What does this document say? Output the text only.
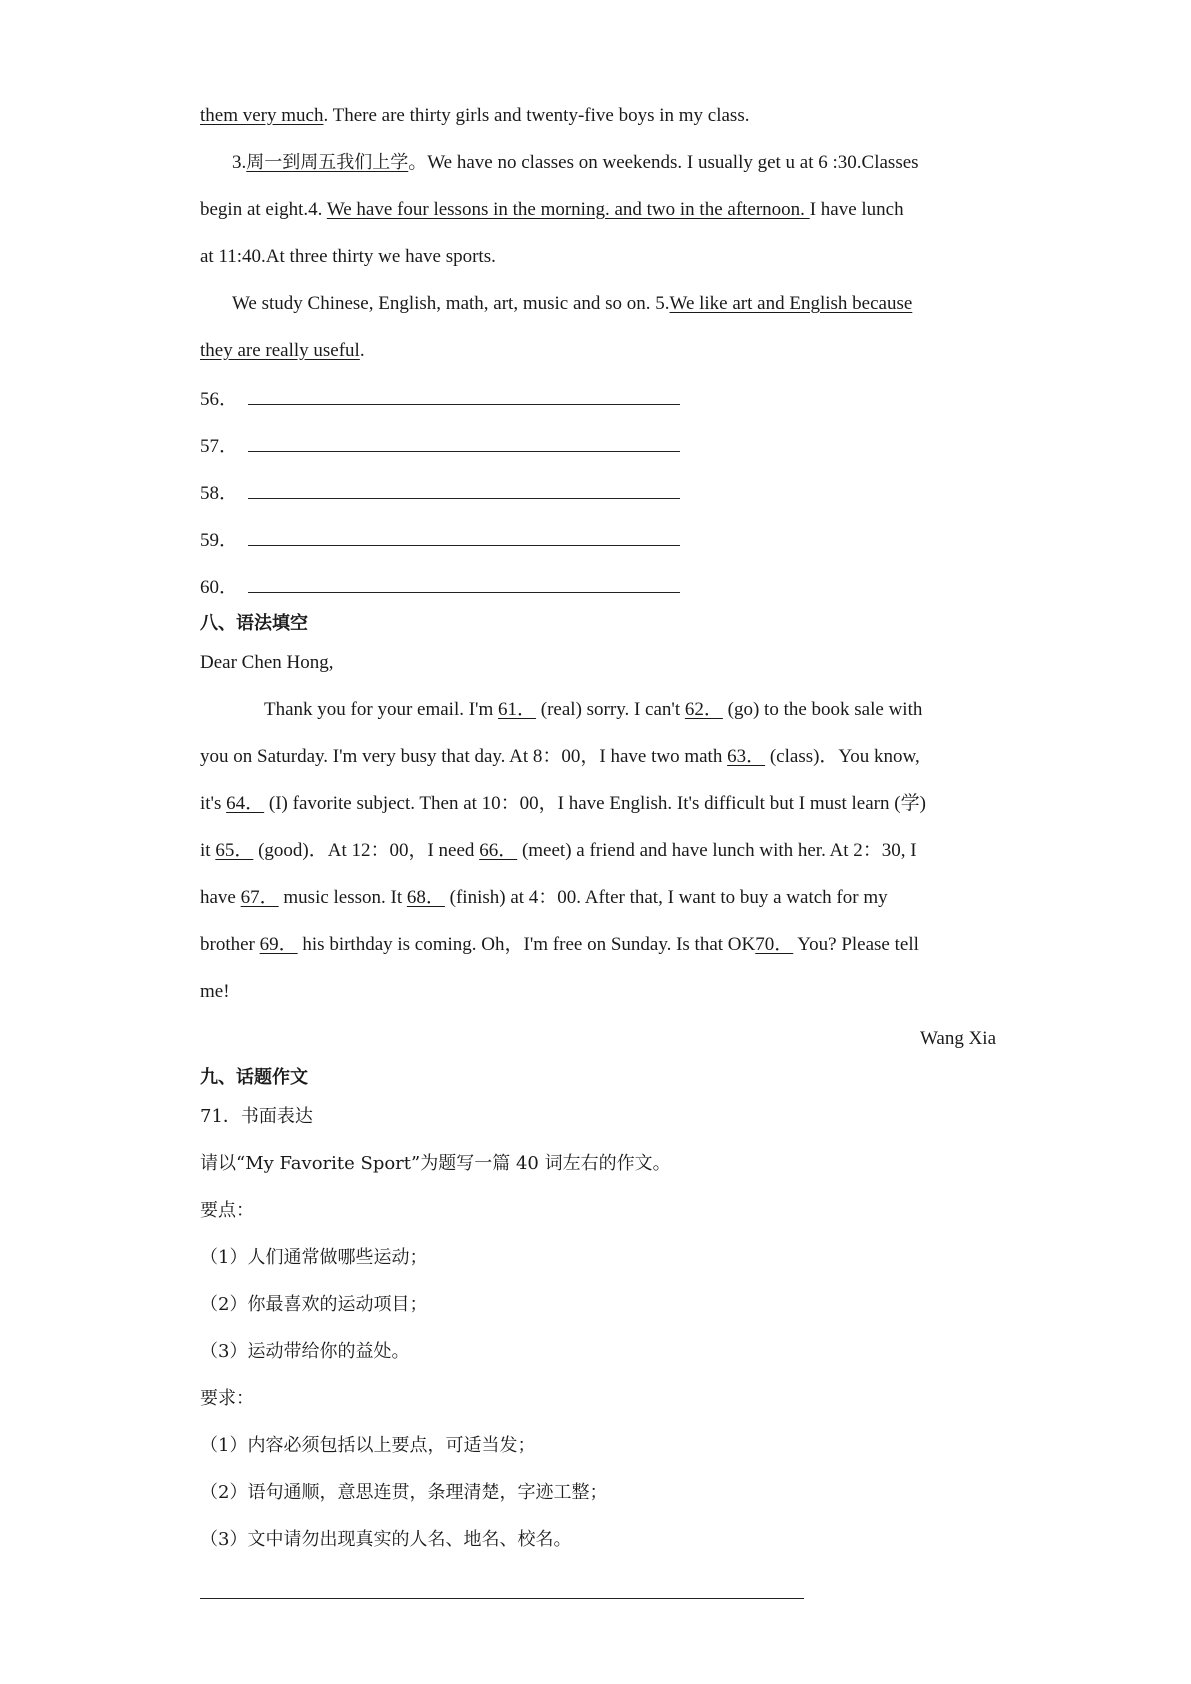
them very much. There are thirty girls and twenty-five boys in my class.
3.周一到周五我们上学。We have no classes on weekends. I usually get u at 6 :30.Classes
begin at eight.4. We have four lessons in the morning. and two in the afternoon. I have lunch
at 11:40.At three thirty we have sports.
We study Chinese, English, math, art, music and so on. 5.We like art and English because
they are really useful.
56．
57．
58．
59．
60．
八、语法填空
Dear Chen Hong,
Thank you for your email. I'm 61． (real) sorry. I can't 62． (go) to the book sale with
you on Saturday. I'm very busy that day. At 8：00，I have two math 63． (class)．You know,
it's 64． (I) favorite subject. Then at 10：00，I have English. It's difficult but I must learn (学)
it 65． (good)．At 12：00，I need 66． (meet) a friend and have lunch with her. At 2：30, I
have 67． music lesson. It 68． (finish) at 4：00. After that, I want to buy a watch for my
brother 69． his birthday is coming. Oh，I'm free on Sunday. Is that OK70． You? Please tell
me!
Wang Xia
九、话题作文
71．书面表达
请以“My Favorite Sport”为题写一篇 40 词左右的作文。
要点：
（1）人们通常做哪些运动；
（2）你最喜欢的运动项目；
（3）运动带给你的益处。
要求：
（1）内容必须包括以上要点，可适当发；
（2）语句通顺，意思连贯，条理清楚，字迹工整；
（3）文中请勿出现真实的人名、地名、校名。
